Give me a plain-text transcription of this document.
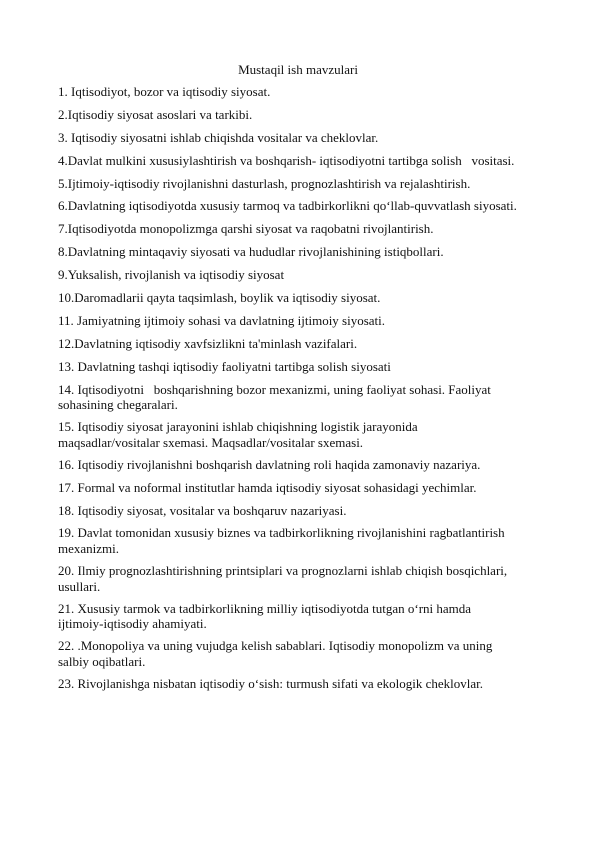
Mustaqil ish mavzulari
1. Iqtisodiyot, bozor va iqtisodiy siyosat.
2.Iqtisodiy siyosat asoslari va tarkibi.
3. Iqtisodiy siyosatni ishlab chiqishda vositalar va cheklovlar.
4.Davlat mulkini xususiylashtirish va boshqarish- iqtisodiyotni tartibga solish   vositasi.
5.Ijtimoiy-iqtisodiy rivojlanishni dasturlash, prognozlashtirish va rejalashtirish.
6.Davlatning iqtisodiyotda xususiy tarmoq va tadbirkorlikni qo‘llab-quvvatlash siyosati.
7.Iqtisodiyotda monopolizmga qarshi siyosat va raqobatni rivojlantirish.
8.Davlatning mintaqaviy siyosati va hududlar rivojlanishining istiqbollari.
9.Yuksalish, rivojlanish va iqtisodiy siyosat
10.Daromadlarii qayta taqsimlash, boylik va iqtisodiy siyosat.
11. Jamiyatning ijtimoiy sohasi va davlatning ijtimoiy siyosati.
12.Davlatning iqtisodiy xavfsizlikni ta'minlash vazifalari.
13. Davlatning tashqi iqtisodiy faoliyatni tartibga solish siyosati
14. Iqtisodiyotni   boshqarishning bozor mexanizmi, uning faoliyat sohasi. Faoliyat
sohasining chegaralari.
15. Iqtisodiy siyosat jarayonini ishlab chiqishning logistik jarayonida
maqsadlar/vositalar sxemasi. Maqsadlar/vositalar sxemasi.
16. Iqtisodiy rivojlanishni boshqarish davlatning roli haqida zamonaviy nazariya.
17. Formal va noformal institutlar hamda iqtisodiy siyosat sohasidagi yechimlar.
18. Iqtisodiy siyosat, vositalar va boshqaruv nazariyasi.
19. Davlat tomonidan xususiy biznes va tadbirkorlikning rivojlanishini ragbatlantirish
mexanizmi.
20. Ilmiy prognozlashtirishning printsiplari va prognozlarni ishlab chiqish bosqichlari,
usullari.
21. Xususiy tarmok va tadbirkorlikning milliy iqtisodiyotda tutgan o‘rni hamda
ijtimoiy-iqtisodiy ahamiyati.
22. .Monopoliya va uning vujudga kelish sabablari. Iqtisodiy monopolizm va uning
salbiy oqibatlari.
23. Rivojlanishga nisbatan iqtisodiy o‘sish: turmush sifati va ekologik cheklovlar.
